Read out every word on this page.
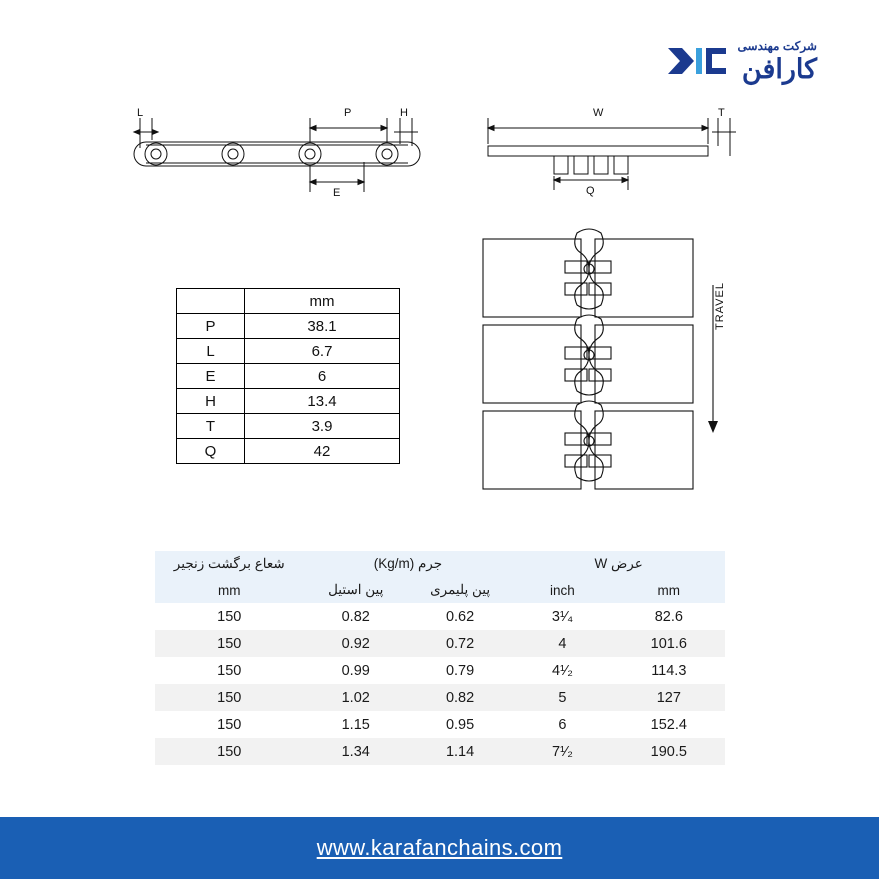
شرکت مهندسی
کارافن
L	P	H
E
W	T
Q
TRAVEL
	mm
P	38.1
L	6.7
E	6
H	13.4
T	3.9
Q	42
عرض W		جرم (Kg/m)		شعاع برگشت زنجیر
mm	inch	پین پلیمری	پین استیل	mm
82.6	3¹⁄₄	0.62	0.82	150
101.6	4	0.72	0.92	150
114.3	4¹⁄₂	0.79	0.99	150
127	5	0.82	1.02	150
152.4	6	0.95	1.15	150
190.5	7¹⁄₂	1.14	1.34	150
www.karafanchains.com
